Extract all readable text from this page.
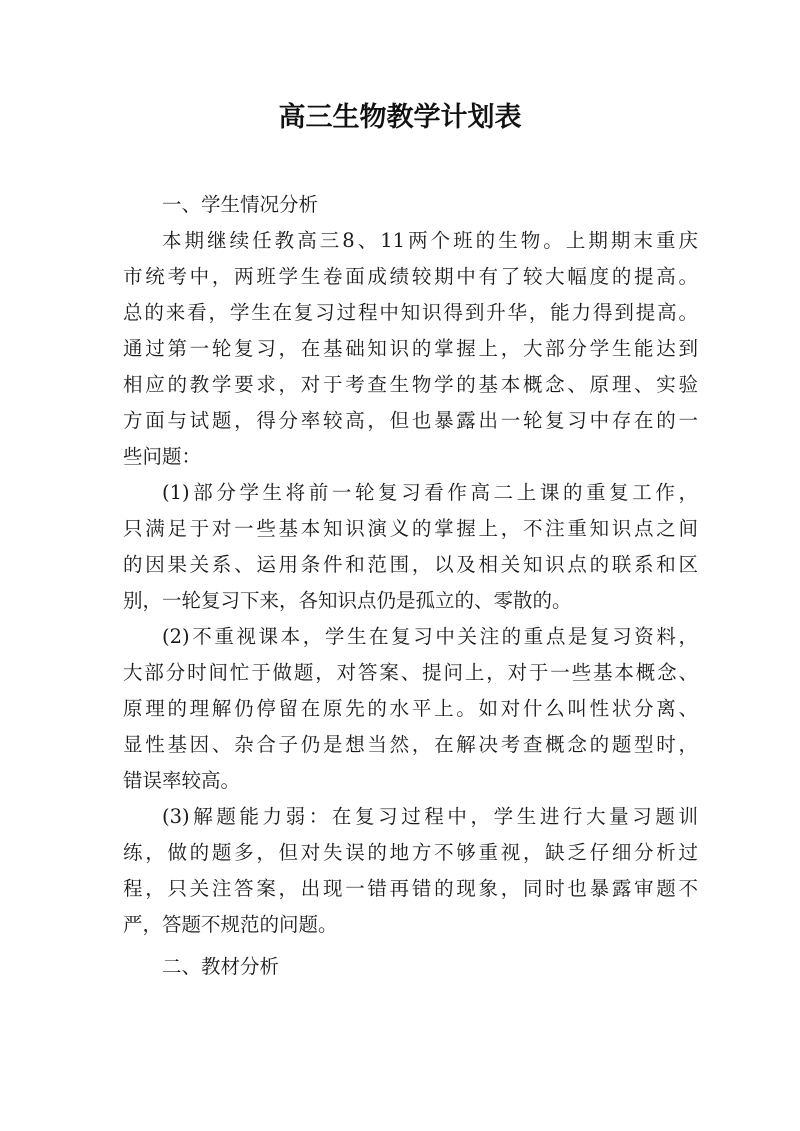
高三生物教学计划表
一、学生情况分析
本期继续任教高三8、11两个班的生物。上期期末重庆
市统考中，两班学生卷面成绩较期中有了较大幅度的提高。
总的来看，学生在复习过程中知识得到升华，能力得到提高。
通过第一轮复习，在基础知识的掌握上，大部分学生能达到
相应的教学要求，对于考查生物学的基本概念、原理、实验
方面与试题，得分率较高，但也暴露出一轮复习中存在的一
些问题：
(1)部分学生将前一轮复习看作高二上课的重复工作，
只满足于对一些基本知识演义的掌握上，不注重知识点之间
的因果关系、运用条件和范围，以及相关知识点的联系和区
别，一轮复习下来，各知识点仍是孤立的、零散的。
(2)不重视课本，学生在复习中关注的重点是复习资料，
大部分时间忙于做题，对答案、提问上，对于一些基本概念、
原理的理解仍停留在原先的水平上。如对什么叫性状分离、
显性基因、杂合子仍是想当然，在解决考查概念的题型时，
错误率较高。
(3)解题能力弱：在复习过程中，学生进行大量习题训
练，做的题多，但对失误的地方不够重视，缺乏仔细分析过
程，只关注答案，出现一错再错的现象，同时也暴露审题不
严，答题不规范的问题。
二、教材分析
